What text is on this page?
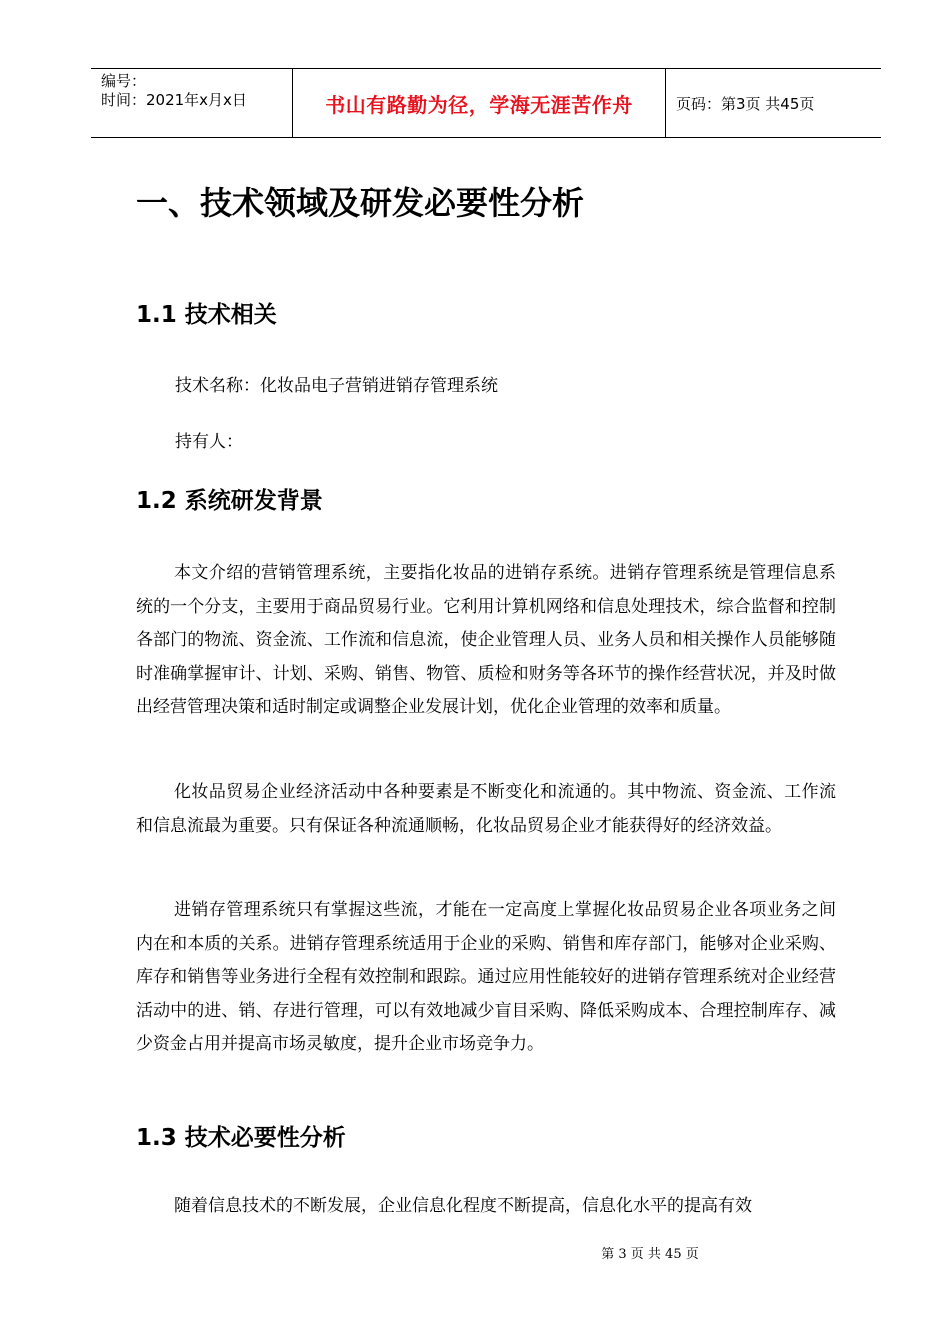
编号：
时间：2021年x月x日	书山有路勤为径，学海无涯苦作舟	页码：第3页 共45页
一、技术领域及研发必要性分析
1.1 技术相关

技术名称：化妆品电子营销进销存管理系统

持有人：

1.2 系统研发背景

本文介绍的营销管理系统，主要指化妆品的进销存系统。进销存管理系统是管理信息系统的一个分支，主要用于商品贸易行业。它利用计算机网络和信息处理技术，综合监督和控制各部门的物流、资金流、工作流和信息流，使企业管理人员、业务人员和相关操作人员能够随时准确掌握审计、计划、采购、销售、物管、质检和财务等各环节的操作经营状况，并及时做出经营管理决策和适时制定或调整企业发展计划，优化企业管理的效率和质量。

化妆品贸易企业经济活动中各种要素是不断变化和流通的。其中物流、资金流、工作流和信息流最为重要。只有保证各种流通顺畅，化妆品贸易企业才能获得好的经济效益。

进销存管理系统只有掌握这些流，才能在一定高度上掌握化妆品贸易企业各项业务之间内在和本质的关系。进销存管理系统适用于企业的采购、销售和库存部门，能够对企业采购、库存和销售等业务进行全程有效控制和跟踪。通过应用性能较好的进销存管理系统对企业经营活动中的进、销、存进行管理，可以有效地减少盲目采购、降低采购成本、合理控制库存、减少资金占用并提高市场灵敏度，提升企业市场竞争力。

1.3 技术必要性分析

随着信息技术的不断发展，企业信息化程度不断提高，信息化水平的提高有效

第 3 页 共 45 页
